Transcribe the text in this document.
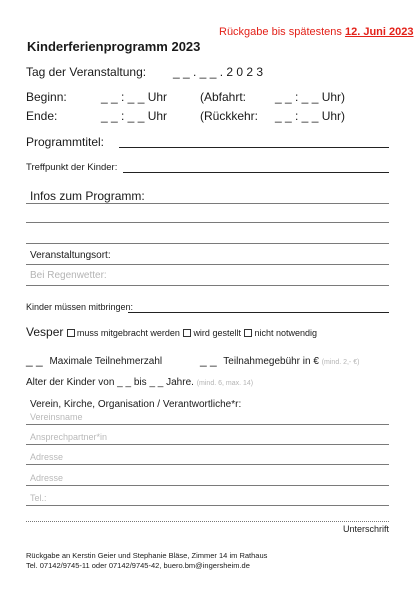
Rückgabe bis spätestens 12. Juni 2023
Kinderferienprogramm 2023
Tag der Veranstaltung: _ _ . _ _ . 2 0 2 3
Beginn:	_ _ : _ _ Uhr	(Abfahrt: _ _ : _ _ Uhr)
Ende:	_ _ : _ _ Uhr	(Rückkehr: _ _ : _ _ Uhr)
Programmtitel:
Treffpunkt der Kinder:
Infos zum Programm:
Veranstaltungsort:
Bei Regenwetter:
Kinder müssen mitbringen:
Vesper muss mitgebracht werden wird gestellt nicht notwendig
_ _ Maximale Teilnehmerzahl	_ _ Teilnahmegebühr in € (mind. 2,- €)
Alter der Kinder von _ _ bis _ _ Jahre. (mind. 6, max. 14)
Verein, Kirche, Organisation / Verantwortliche*r:
Vereinsname
Ansprechpartner*in
Adresse
Adresse
Tel.:
Unterschrift
Rückgabe an Kerstin Geier und Stephanie Bläse, Zimmer 14 im Rathaus
Tel. 07142/9745-11 oder 07142/9745-42, buero.bm@ingersheim.de
